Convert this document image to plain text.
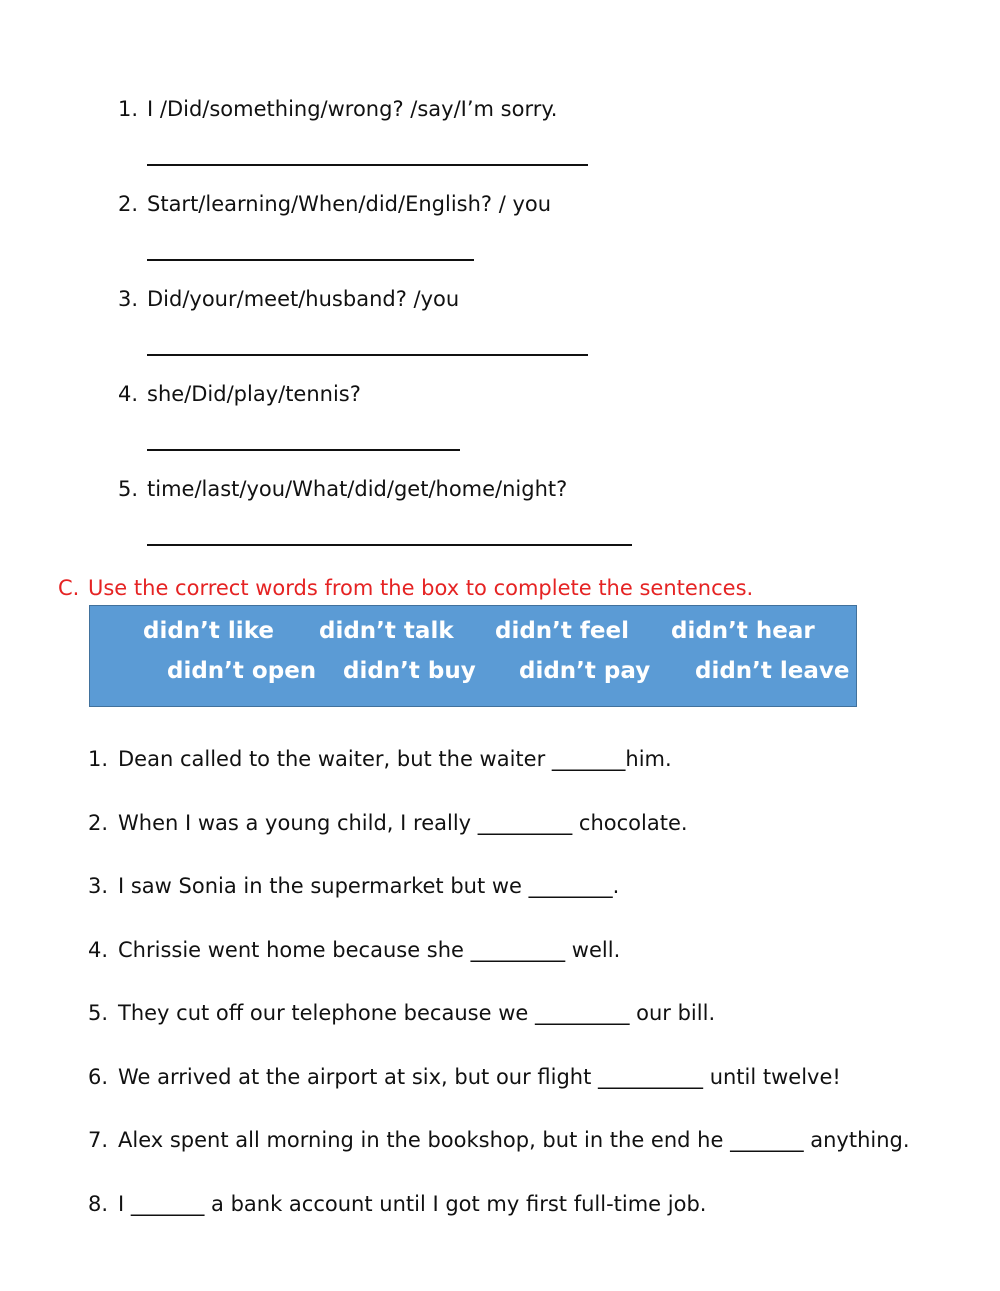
1. I /Did/something/wrong? /say/I’m sorry.
2. Start/learning/When/did/English? / you
3. Did/your/meet/husband? /you
4. she/Did/play/tennis?
5. time/last/you/What/did/get/home/night?
C. Use the correct words from the box to complete the sentences.
didn’t like didn’t talk didn’t feel didn’t hear
didn’t open didn’t buy didn’t pay didn’t leave
1. Dean called to the waiter, but the waiter _______him.
2. When I was a young child, I really _________ chocolate.
3. I saw Sonia in the supermarket but we ________.
4. Chrissie went home because she _________ well.
5. They cut off our telephone because we _________ our bill.
6. We arrived at the airport at six, but our flight __________ until twelve!
7. Alex spent all morning in the bookshop, but in the end he _______ anything.
8. I _______ a bank account until I got my first full-time job.
